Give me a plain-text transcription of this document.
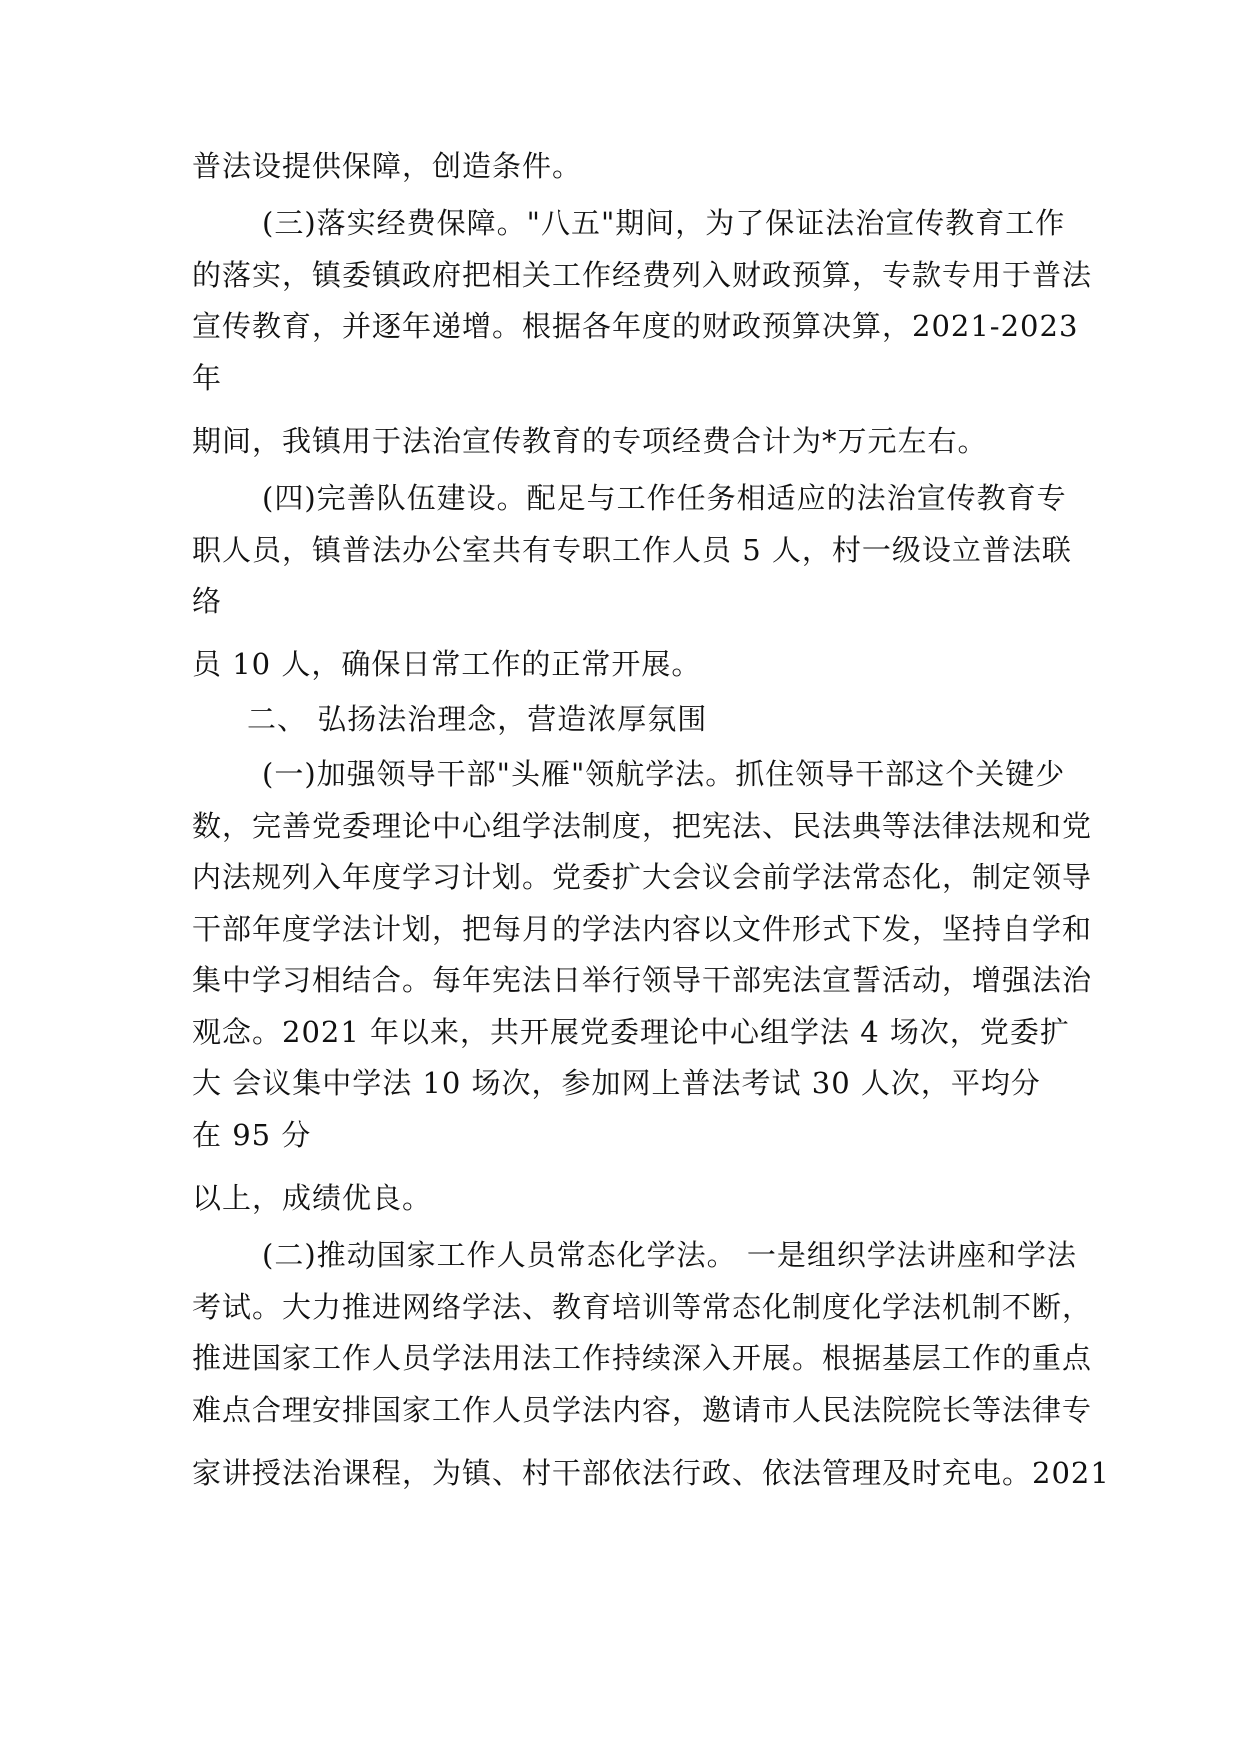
普法设提供保障，创造条件。
(三)落实经费保障。"八五"期间，为了保证法治宣传教育工作
的落实，镇委镇政府把相关工作经费列入财政预算，专款专用于普法
宣传教育，并逐年递增。根据各年度的财政预算决算，2021-2023
年
期间，我镇用于法治宣传教育的专项经费合计为*万元左右。
(四)完善队伍建设。配足与工作任务相适应的法治宣传教育专
职人员，镇普法办公室共有专职工作人员 5 人，村一级设立普法联
络
员 10 人，确保日常工作的正常开展。
二、 弘扬法治理念，营造浓厚氛围
(一)加强领导干部"头雁"领航学法。抓住领导干部这个关键少
数，完善党委理论中心组学法制度，把宪法、民法典等法律法规和党
内法规列入年度学习计划。党委扩大会议会前学法常态化，制定领导
干部年度学法计划，把每月的学法内容以文件形式下发，坚持自学和
集中学习相结合。每年宪法日举行领导干部宪法宣誓活动，增强法治
观念。2021 年以来，共开展党委理论中心组学法 4 场次，党委扩
大 会议集中学法 10 场次，参加网上普法考试 30 人次，平均分
在 95 分
以上，成绩优良。
(二)推动国家工作人员常态化学法。 一是组织学法讲座和学法
考试。大力推进网络学法、教育培训等常态化制度化学法机制不断，
推进国家工作人员学法用法工作持续深入开展。根据基层工作的重点
难点合理安排国家工作人员学法内容，邀请市人民法院院长等法律专
家讲授法治课程，为镇、村干部依法行政、依法管理及时充电。2021
